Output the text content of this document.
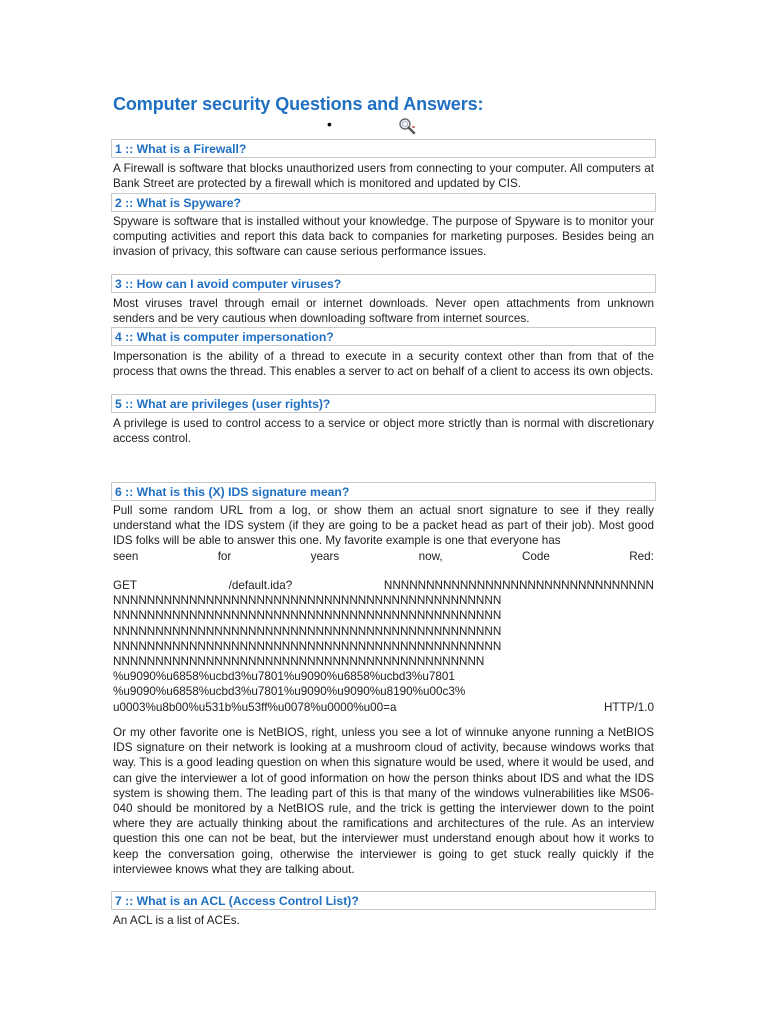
Computer security Questions and Answers:
•
1 :: What is a Firewall?

A Firewall is software that blocks unauthorized users from connecting to your computer. All computers at Bank Street are protected by a firewall which is monitored and updated by CIS.

2 :: What is Spyware?

Spyware is software that is installed without your knowledge. The purpose of Spyware is to monitor your computing activities and report this data back to companies for marketing purposes. Besides being an invasion of privacy, this software can cause serious performance issues.

3 :: How can I avoid computer viruses?

Most viruses travel through email or internet downloads. Never open attachments from unknown senders and be very cautious when downloading software from internet sources.

4 :: What is computer impersonation?

Impersonation is the ability of a thread to execute in a security context other than from that of the process that owns the thread. This enables a server to act on behalf of a client to access its own objects.

5 :: What are privileges (user rights)?

A privilege is used to control access to a service or object more strictly than is normal with discretionary access control.

6 :: What is this (X) IDS signature mean?

Pull some random URL from a log, or show them an actual snort signature to see if they really understand what the IDS system (if they are going to be a packet head as part of their job). Most good IDS folks will be able to answer this one. My favorite example is one that everyone has

seen	for	years	now,	Code	Red:
GET	/default.ida?	NNNNNNNNNNNNNNNNNNNNNNNNNNNNNNNN
NNNNNNNNNNNNNNNNNNNNNNNNNNNNNNNNNNNNNNNNNNNNNN
NNNNNNNNNNNNNNNNNNNNNNNNNNNNNNNNNNNNNNNNNNNNNN
NNNNNNNNNNNNNNNNNNNNNNNNNNNNNNNNNNNNNNNNNNNNNN
NNNNNNNNNNNNNNNNNNNNNNNNNNNNNNNNNNNNNNNNNNNNNN
NNNNNNNNNNNNNNNNNNNNNNNNNNNNNNNNNNNNNNNNNNNN
%u9090%u6858%ucbd3%u7801%u9090%u6858%ucbd3%u7801
%u9090%u6858%ucbd3%u7801%u9090%u9090%u8190%u00c3%
u0003%u8b00%u531b%u53ff%u0078%u0000%u00=a	HTTP/1.0

Or my other favorite one is NetBIOS, right, unless you see a lot of winnuke anyone running a NetBIOS IDS signature on their network is looking at a mushroom cloud of activity, because windows works that way. This is a good leading question on when this signature would be used, where it would be used, and can give the interviewer a lot of good information on how the person thinks about IDS and what the IDS system is showing them. The leading part of this is that many of the windows vulnerabilities like MS06-040 should be monitored by a NetBIOS rule, and the trick is getting the interviewer down to the point where they are actually thinking about the ramifications and architectures of the rule. As an interview question this one can not be beat, but the interviewer must understand enough about how it works to keep the conversation going, otherwise the interviewer is going to get stuck really quickly if the interviewee knows what they are talking about.

7 :: What is an ACL (Access Control List)?

An ACL is a list of ACEs.
